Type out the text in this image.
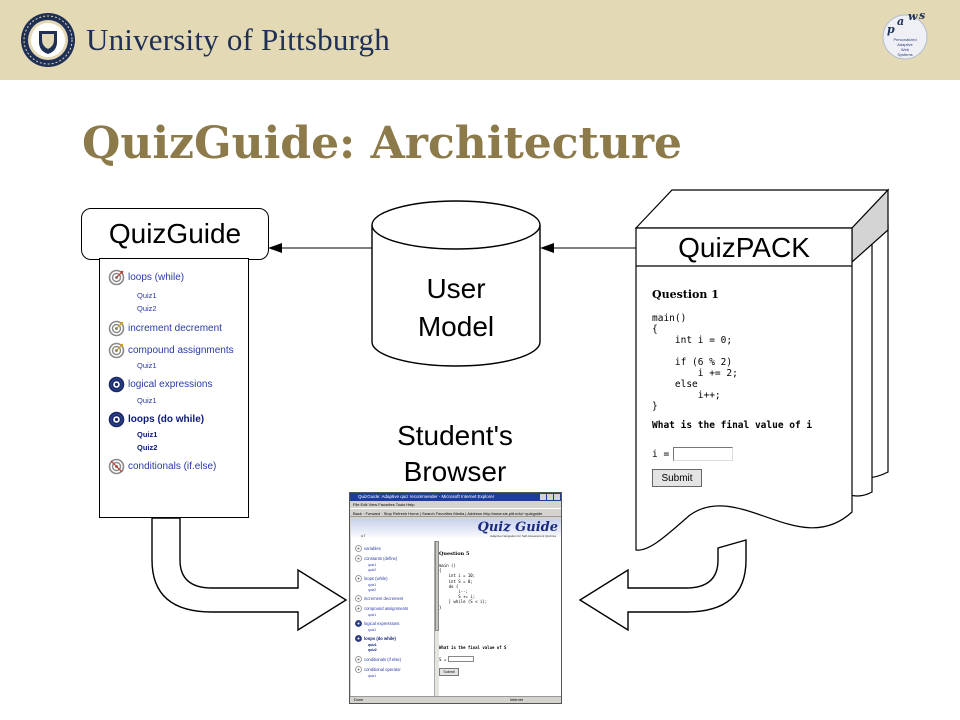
University of Pittsburgh	p
a w s
Personalized
Adaptive
Web
Systems
QuizGuide: Architecture
QuizGuide
loops (while)
Quiz1
Quiz2
increment decrement
compound assignments
Quiz1
logical expressions
Quiz1
loops (do while)
Quiz1
Quiz2
conditionals (if.else)
QuizPACK
Question 1
main()
{
int i = 0;

if (6 % 2)
i += 2;
else
i++;
}
What is the final value of i
i =
Submit
User
Model
Student's
Browser
QuizGuide: Adaptive quiz recommender - Microsoft Internet Explorer
File Edit View Favorites Tools Help
Back · Forward · Stop Refresh Home | Search Favorites Media | Address http://www.sis.pitt.edu/~quizguide
Quiz Guide
Adaptive Navigation for Self-Assessment Quizzes
u7
variables
constants (define)
quiz1
quiz2
loops (while)
quiz1
quiz2
increment decrement
compound assignments
quiz1
logical expressions
quiz1
loops (do while)
quiz1
quiz2
conditionals (if else)
conditional operator
quiz1
Question 5
main ()
{
int i = 10;
int S = 0;
do {
i--;
S += i;
} while (S < i);
}
What is the final value of S
S =
Submit
Done	Internet
